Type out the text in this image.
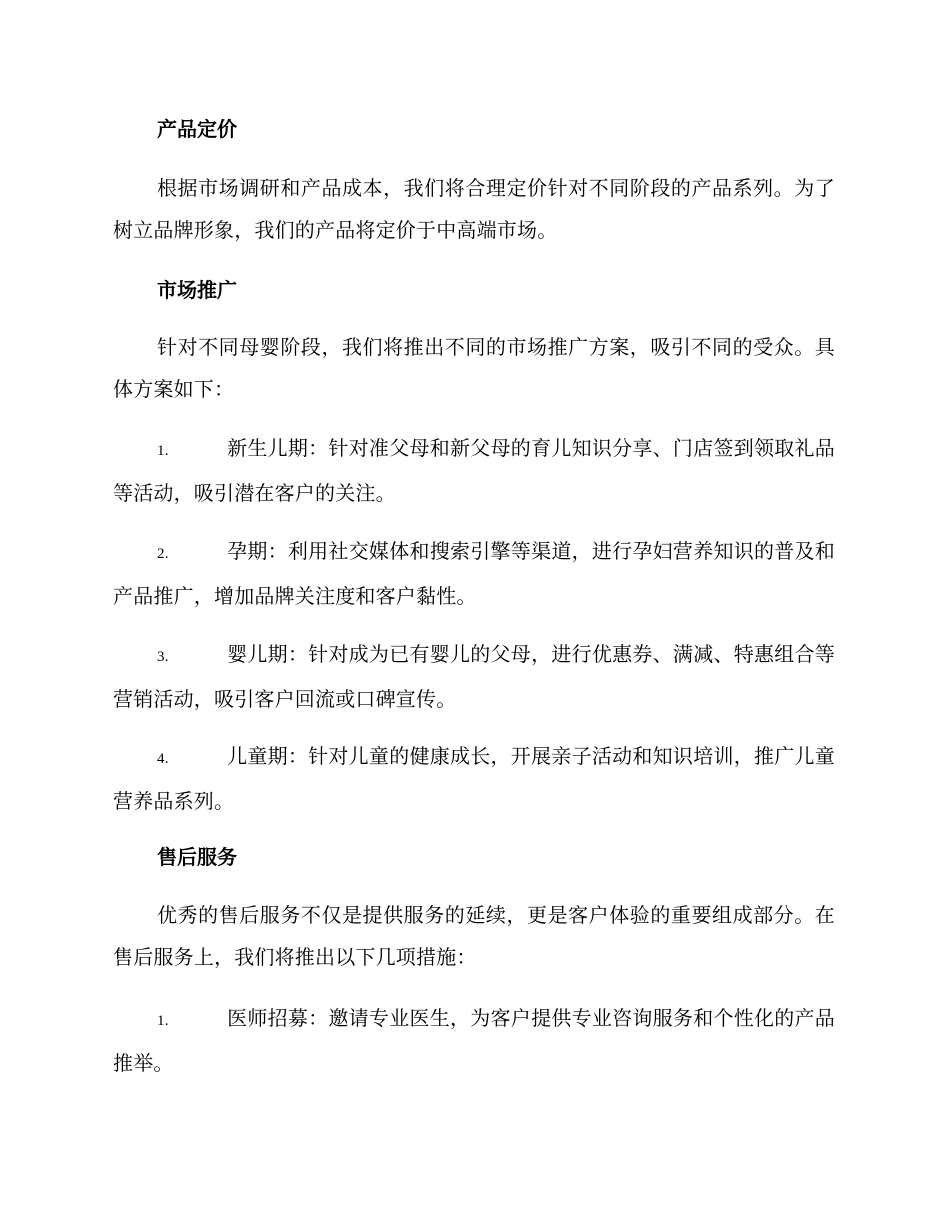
产品定价
根据市场调研和产品成本，我们将合理定价针对不同阶段的产品系列。为了树立品牌形象，我们的产品将定价于中高端市场。
市场推广
针对不同母婴阶段，我们将推出不同的市场推广方案，吸引不同的受众。具体方案如下：
1.	新生儿期：针对准父母和新父母的育儿知识分享、门店签到领取礼品等活动，吸引潜在客户的关注。
2.	孕期：利用社交媒体和搜索引擎等渠道，进行孕妇营养知识的普及和产品推广，增加品牌关注度和客户黏性。
3.	婴儿期：针对成为已有婴儿的父母，进行优惠券、满减、特惠组合等营销活动，吸引客户回流或口碑宣传。
4.	儿童期：针对儿童的健康成长，开展亲子活动和知识培训，推广儿童营养品系列。
售后服务
优秀的售后服务不仅是提供服务的延续，更是客户体验的重要组成部分。在售后服务上，我们将推出以下几项措施：
1.	医师招募：邀请专业医生，为客户提供专业咨询服务和个性化的产品推举。
